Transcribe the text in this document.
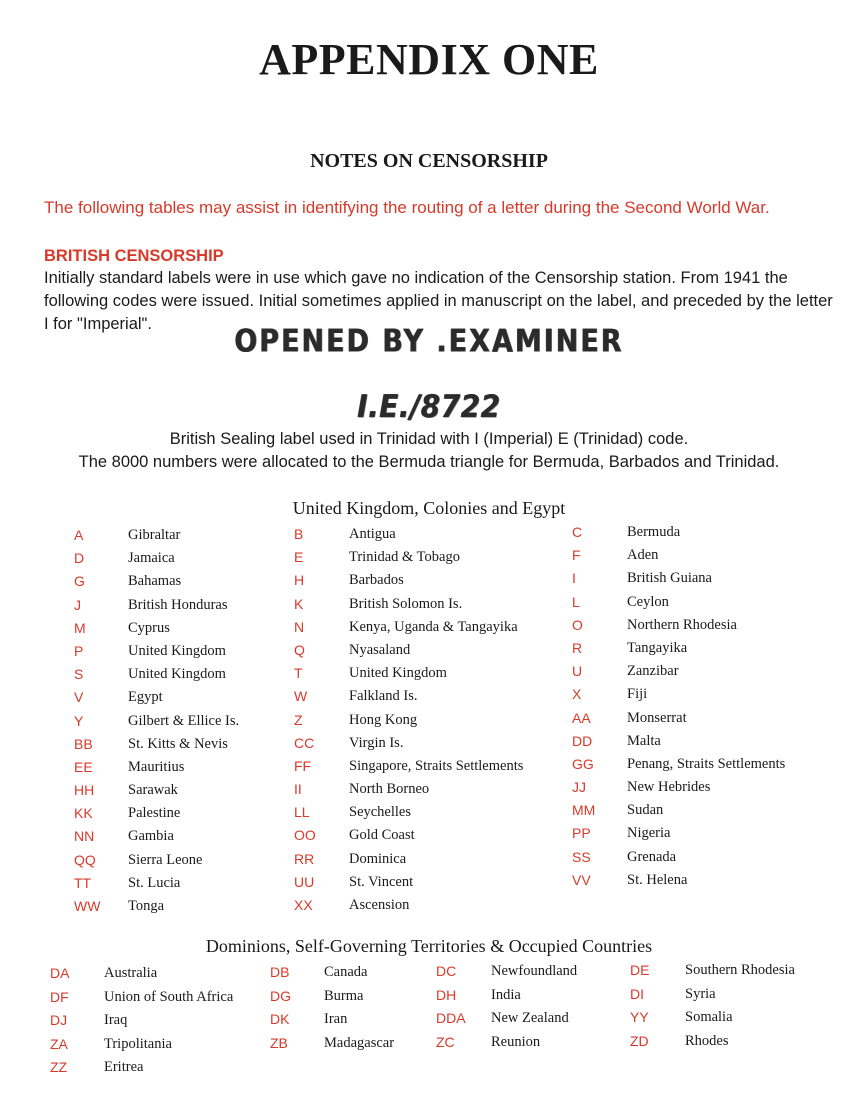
APPENDIX ONE
NOTES ON CENSORSHIP
The following tables may assist in identifying the routing of a letter during the Second World War.
BRITISH CENSORSHIP
Initially standard labels were in use which gave no indication of the Censorship station. From 1941 the following codes were issued. Initial sometimes applied in manuscript on the label, and preceded by the letter I for "Imperial".	OPENED BY .EXAMINER
I.E./8722
British Sealing label used in Trinidad with I (Imperial) E (Trinidad) code.
The 8000 numbers were allocated to the Bermuda triangle for Bermuda, Barbados and Trinidad.
United Kingdom, Colonies and Egypt
A	Gibraltar
D	Jamaica
G	Bahamas
J	British Honduras
M	Cyprus
P	United Kingdom
S	United Kingdom
V	Egypt
Y	Gilbert & Ellice Is.
BB St. Kitts & Nevis
EE Mauritius
HH Sarawak
KK Palestine
NN Gambia
QQ Sierra Leone
TT	St. Lucia
WW Tonga
B	Antigua
E	Trinidad & Tobago
H	Barbados
K	British Solomon Is.
N	Kenya, Uganda & Tangayika
Q	Nyasaland
T	United Kingdom
W	Falkland Is.
Z	Hong Kong
CC Virgin Is.
FF	Singapore, Straits Settlements
II	North Borneo
LL	Seychelles
OO Gold Coast
RR Dominica
UU St. Vincent
XX	Ascension
C	Bermuda
F	Aden
I	British Guiana
L	Ceylon
O	Northern Rhodesia
R	Tangayika
U	Zanzibar
X	Fiji
AA	Monserrat
DD Malta
GG Penang, Straits Settlements
JJ	New Hebrides
MM Sudan
PP	Nigeria
SS	Grenada
VV	St. Helena
Dominions, Self-Governing Territories & Occupied Countries
DA Australia
DF Union of South Africa
DJ	Iraq
ZA Tripolitania
ZZ	Eritrea
DB Canada
DG Burma
DK Iran
ZB Madagascar
DC Newfoundland
DH India
DDA New Zealand
ZC	Reunion
DE Southern Rhodesia
DI	Syria
YY	Somalia
ZD	Rhodes
